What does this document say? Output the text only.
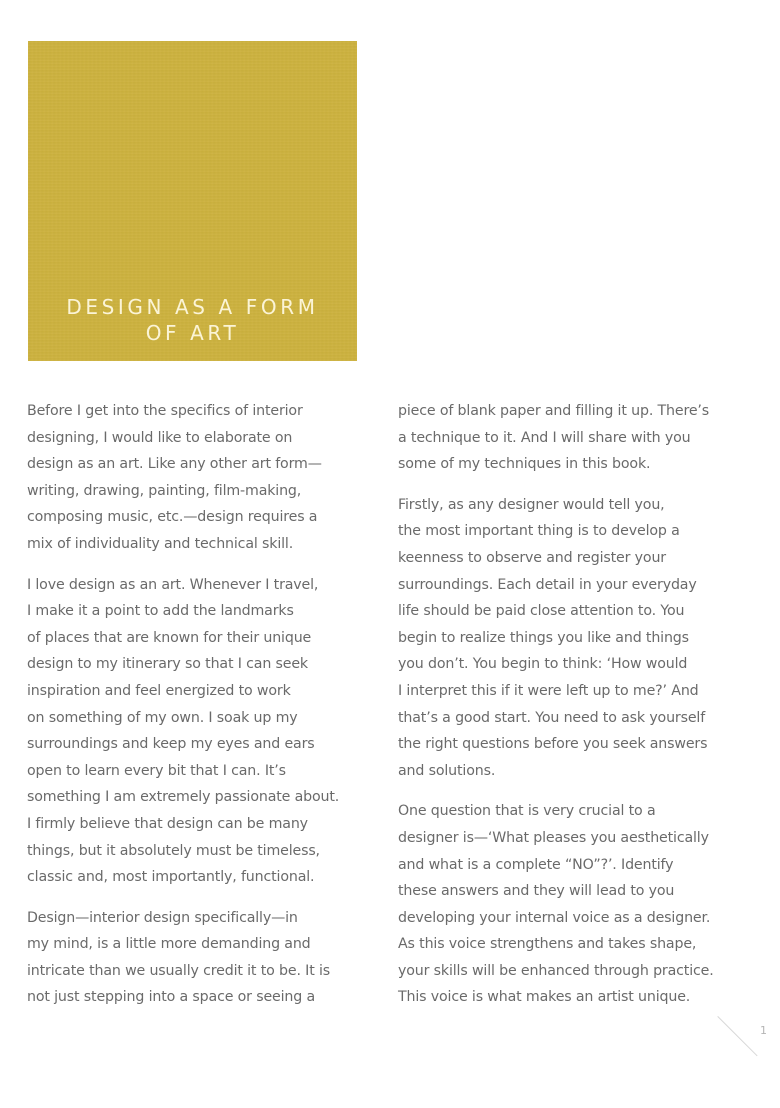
DESIGN AS A FORM
OF ART

Before I get into the specifics of interior
designing, I would like to elaborate on
design as an art. Like any other art form—
writing, drawing, painting, film-making,
composing music, etc.—design requires a
mix of individuality and technical skill.

I love design as an art. Whenever I travel,
I make it a point to add the landmarks
of places that are known for their unique
design to my itinerary so that I can seek
inspiration and feel energized to work
on something of my own. I soak up my
surroundings and keep my eyes and ears
open to learn every bit that I can. It’s
something I am extremely passionate about.
I firmly believe that design can be many
things, but it absolutely must be timeless,
classic and, most importantly, functional.

Design—interior design specifically—in
my mind, is a little more demanding and
intricate than we usually credit it to be. It is
not just stepping into a space or seeing a

piece of blank paper and filling it up. There’s
a technique to it. And I will share with you
some of my techniques in this book.

Firstly, as any designer would tell you,
the most important thing is to develop a
keenness to observe and register your
surroundings. Each detail in your everyday
life should be paid close attention to. You
begin to realize things you like and things
you don’t. You begin to think: ‘How would
I interpret this if it were left up to me?’ And
that’s a good start. You need to ask yourself
the right questions before you seek answers
and solutions.

One question that is very crucial to a
designer is—‘What pleases you aesthetically
and what is a complete “NO”?’. Identify
these answers and they will lead to you
developing your internal voice as a designer.
As this voice strengthens and takes shape,
your skills will be enhanced through practice.
This voice is what makes an artist unique.

1
